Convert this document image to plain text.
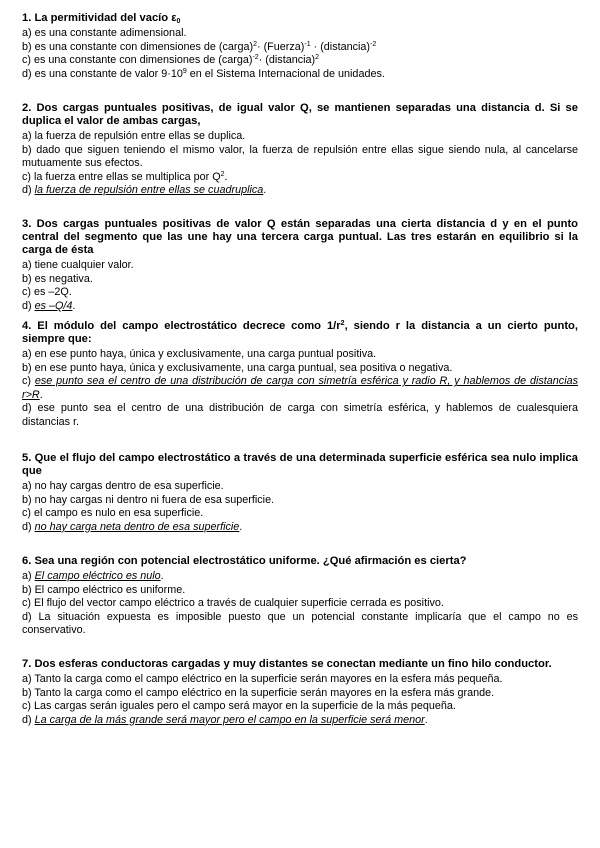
1. La permitividad del vacío $\varepsilon_0$

a) es una constante adimensional.

b) es una constante con dimensiones de (carga)$^2$· (Fuerza)$^{-1}$ · (distancia)$^{-2}$

c) es una constante con dimensiones de (carga)$^{-2}$· (distancia)$^2$

d) es una constante de valor $9\cdot 10^9$ en el Sistema Internacional de unidades.

2. Dos cargas puntuales positivas, de igual valor Q, se mantienen separadas una distancia d. Si se duplica el valor de ambas cargas,

a) la fuerza de repulsión entre ellas se duplica.

b) dado que siguen teniendo el mismo valor, la fuerza de repulsión entre ellas sigue siendo nula, al cancelarse mutuamente sus efectos.

c) la fuerza entre ellas se multiplica por $Q^2$.

d) la fuerza de repulsión entre ellas se cuadruplica.

3. Dos cargas puntuales positivas de valor Q están separadas una cierta distancia d y en el punto central del segmento que las une hay una tercera carga puntual. Las tres estarán en equilibrio si la carga de ésta

a) tiene cualquier valor.

b) es negativa.

c) es –2Q.

d) es –Q/4.

4. El módulo del campo electrostático decrece como $1/r^2$, siendo r la distancia a un cierto punto, siempre que:

a) en ese punto haya, única y exclusivamente, una carga puntual positiva.

b) en ese punto haya, única y exclusivamente, una carga puntual, sea positiva o negativa.

c) ese punto sea el centro de una distribución de carga con simetría esférica y radio R, y hablemos de distancias r>R.

d) ese punto sea el centro de una distribución de carga con simetría esférica, y hablemos de cualesquiera distancias r.

5. Que el flujo del campo electrostático a través de una determinada superficie esférica sea nulo implica que

a) no hay cargas dentro de esa superficie.

b) no hay cargas ni dentro ni fuera de esa superficie.

c) el campo es nulo en esa superficie.

d) no hay carga neta dentro de esa superficie.

6. Sea una región con potencial electrostático uniforme. ¿Qué afirmación es cierta?

a) El campo eléctrico es nulo.

b) El campo eléctrico es uniforme.

c) El flujo del vector campo eléctrico a través de cualquier superficie cerrada es positivo.

d) La situación expuesta es imposible puesto que un potencial constante implicaría que el campo no es conservativo.

7. Dos esferas conductoras cargadas y muy distantes se conectan mediante un fino hilo conductor.

a) Tanto la carga como el campo eléctrico en la superficie serán mayores en la esfera más pequeña.

b) Tanto la carga como el campo eléctrico en la superficie serán mayores en la esfera más grande.

c) Las cargas serán iguales pero el campo será mayor en la superficie de la más pequeña.

d) La carga de la más grande será mayor pero el campo en la superficie será menor.
